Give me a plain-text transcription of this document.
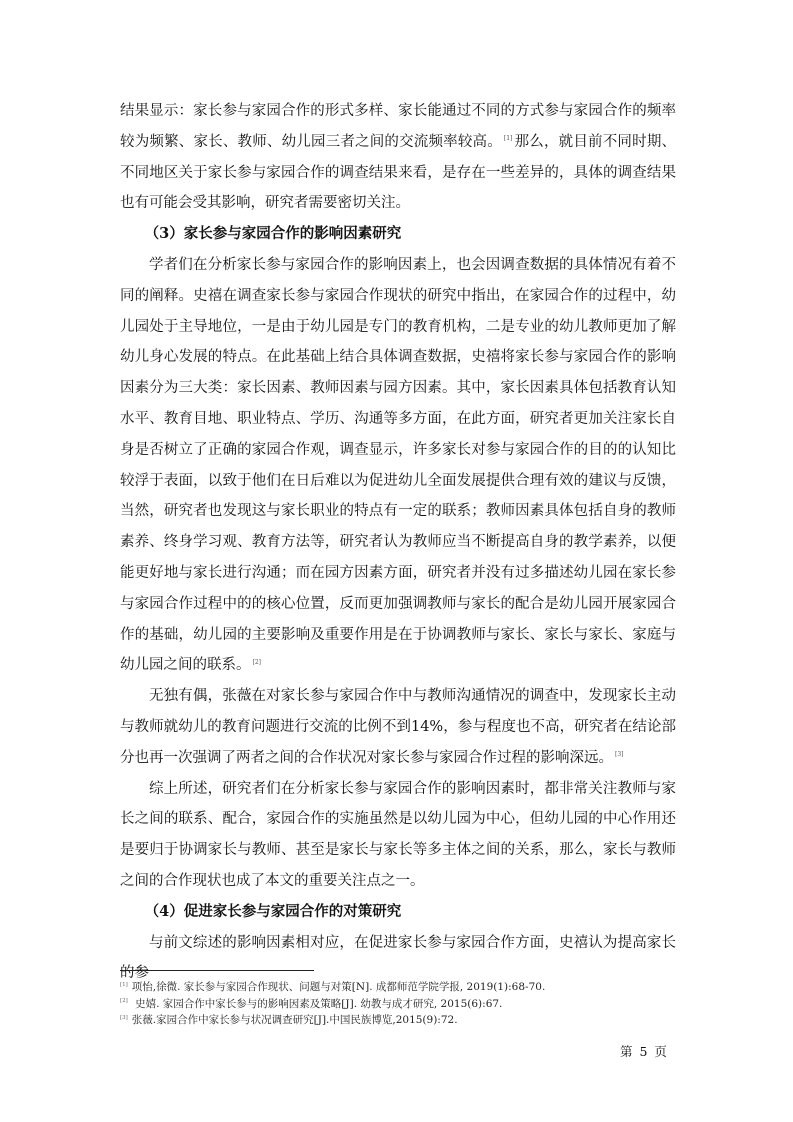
结果显示：家长参与家园合作的形式多样、家长能通过不同的方式参与家园合作的频率较为频繁、家长、教师、幼儿园三者之间的交流频率较高。 [1] 那么，就目前不同时期、不同地区关于家长参与家园合作的调查结果来看，是存在一些差异的，具体的调查结果也有可能会受其影响，研究者需要密切关注。

（3）家长参与家园合作的影响因素研究

学者们在分析家长参与家园合作的影响因素上，也会因调查数据的具体情况有着不同的阐释。史禧在调查家长参与家园合作现状的研究中指出，在家园合作的过程中，幼儿园处于主导地位，一是由于幼儿园是专门的教育机构，二是专业的幼儿教师更加了解幼儿身心发展的特点。在此基础上结合具体调查数据，史禧将家长参与家园合作的影响因素分为三大类：家长因素、教师因素与园方因素。其中，家长因素具体包括教育认知水平、教育目地、职业特点、学历、沟通等多方面，在此方面，研究者更加关注家长自身是否树立了正确的家园合作观，调查显示，许多家长对参与家园合作的目的的认知比较浮于表面，以致于他们在日后难以为促进幼儿全面发展提供合理有效的建议与反馈，当然，研究者也发现这与家长职业的特点有一定的联系；教师因素具体包括自身的教师素养、终身学习观、教育方法等，研究者认为教师应当不断提高自身的教学素养，以便能更好地与家长进行沟通；而在园方因素方面，研究者并没有过多描述幼儿园在家长参与家园合作过程中的的核心位置，反而更加强调教师与家长的配合是幼儿园开展家园合作的基础，幼儿园的主要影响及重要作用是在于协调教师与家长、家长与家长、家庭与幼儿园之间的联系。 [2]

无独有偶，张薇在对家长参与家园合作中与教师沟通情况的调查中，发现家长主动与教师就幼儿的教育问题进行交流的比例不到14%，参与程度也不高，研究者在结论部分也再一次强调了两者之间的合作状况对家长参与家园合作过程的影响深远。 [3]

综上所述，研究者们在分析家长参与家园合作的影响因素时，都非常关注教师与家长之间的联系、配合，家园合作的实施虽然是以幼儿园为中心，但幼儿园的中心作用还是要归于协调家长与教师、甚至是家长与家长等多主体之间的关系，那么，家长与教师之间的合作现状也成了本文的重要关注点之一。

（4）促进家长参与家园合作的对策研究

与前文综述的影响因素相对应，在促进家长参与家园合作方面，史禧认为提高家长的参

[1] 项怡,徐微. 家长参与家园合作现状、问题与对策[N]. 成都师范学院学报, 2019(1):68-70.
[2] 史嬉. 家园合作中家长参与的影响因素及策略[J]. 幼教与成才研究, 2015(6):67.
[3] 张薇.家园合作中家长参与状况调查研究[J].中国民族博览,2015(9):72.
第 5 页
